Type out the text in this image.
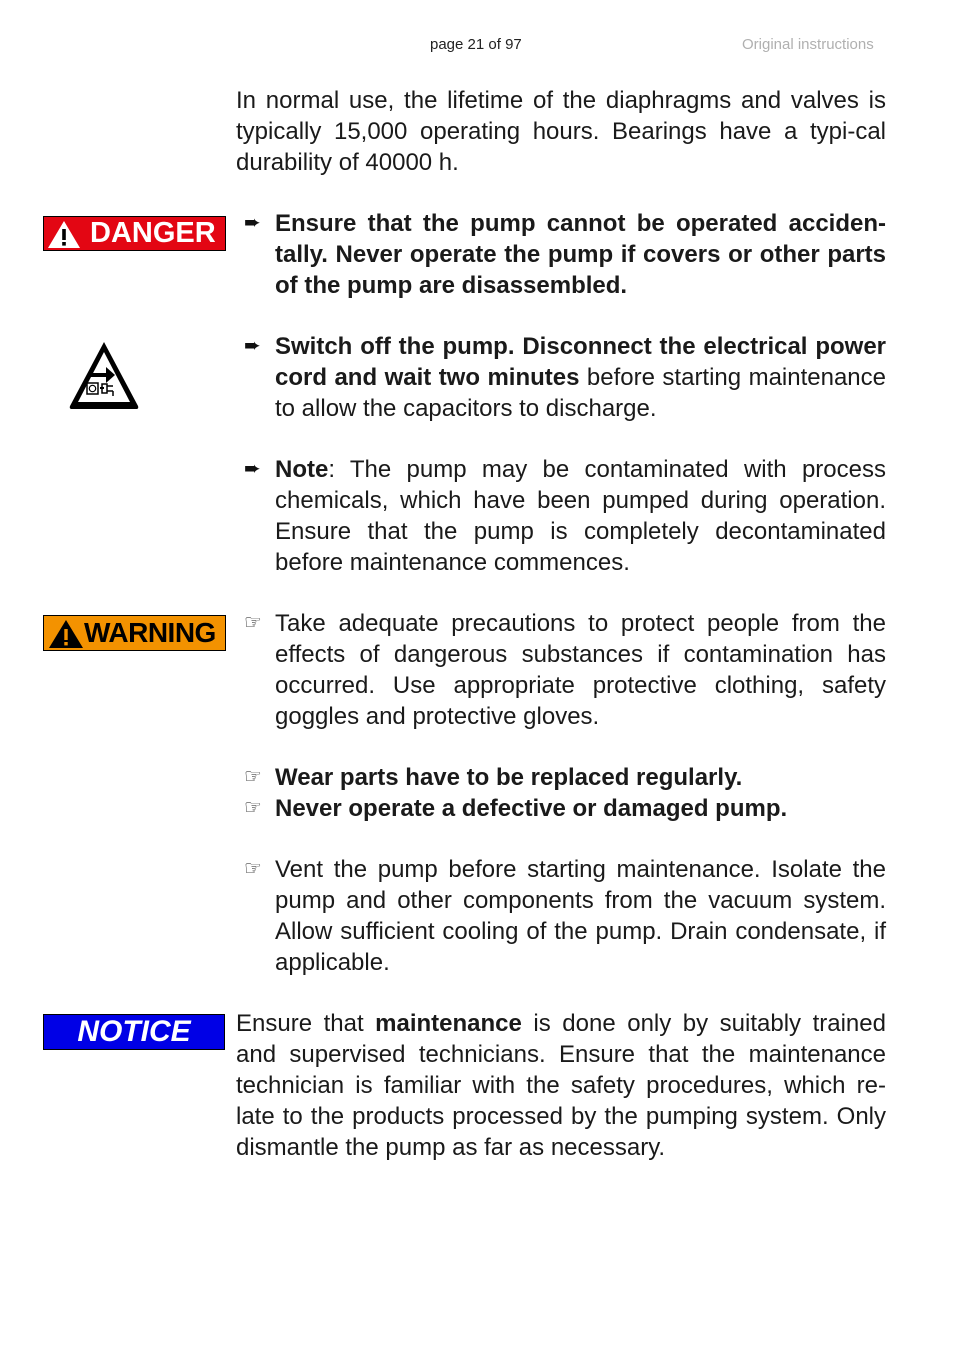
page 21 of 97	Original instructions

In normal use, the lifetime of the diaphragms and valves is typically 15,000 operating hours. Bearings have a typi-cal durability of 40000 h.

DANGER ➨ Ensure that the pump cannot be operated acciden-tally. Never operate the pump if covers or other parts of the pump are disassembled.

➨ Switch off the pump. Disconnect the electrical power cord and wait two minutes before starting maintenance to allow the capacitors to discharge.

➨ Note: The pump may be contaminated with process chemicals, which have been pumped during operation. Ensure that the pump is completely decontaminated before maintenance commences.

WARNING ☞ Take adequate precautions to protect people from the effects of dangerous substances if contamination has occurred. Use appropriate protective clothing, safety goggles and protective gloves.

☞ Wear parts have to be replaced regularly.

☞ Never operate a defective or damaged pump.

☞ Vent the pump before starting maintenance. Isolate the pump and other components from the vacuum system. Allow sufficient cooling of the pump. Drain condensate, if applicable.

NOTICE	Ensure that maintenance is done only by suitably trained and supervised technicians. Ensure that the maintenance technician is familiar with the safety procedures, which re-late to the products processed by the pumping system. Only dismantle the pump as far as necessary.
